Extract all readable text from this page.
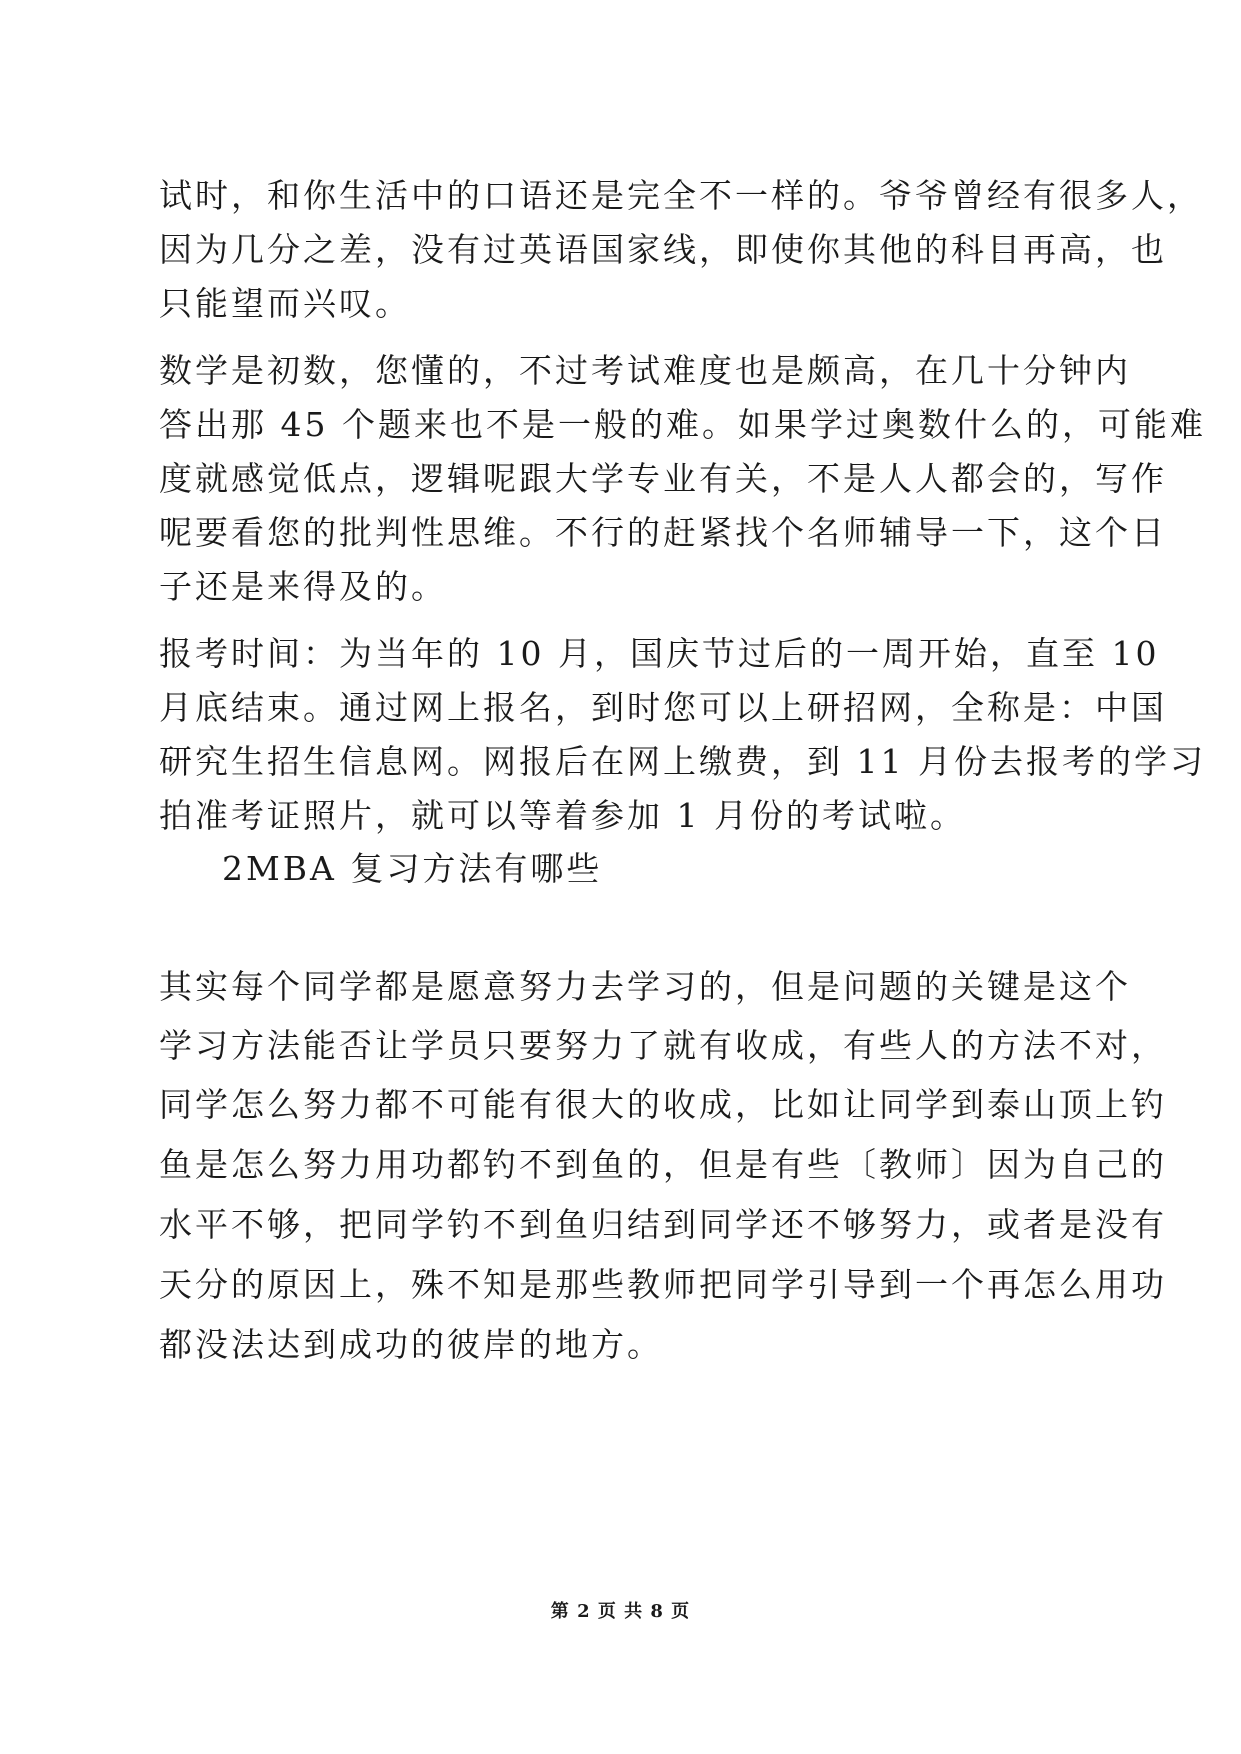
试时，和你生活中的口语还是完全不一样的。爷爷曾经有很多人，
因为几分之差，没有过英语国家线，即使你其他的科目再高，也
只能望而兴叹。
数学是初数，您懂的，不过考试难度也是颇高，在几十分钟内
答出那 45 个题来也不是一般的难。如果学过奥数什么的，可能难
度就感觉低点，逻辑呢跟大学专业有关，不是人人都会的，写作
呢要看您的批判性思维。不行的赶紧找个名师辅导一下，这个日
子还是来得及的。
报考时间：为当年的 10 月，国庆节过后的一周开始，直至 10
月底结束。通过网上报名，到时您可以上研招网，全称是：中国
研究生招生信息网。网报后在网上缴费，到 11 月份去报考的学习
拍准考证照片，就可以等着参加 1 月份的考试啦。
2MBA 复习方法有哪些
其实每个同学都是愿意努力去学习的，但是问题的关键是这个
学习方法能否让学员只要努力了就有收成，有些人的方法不对，
同学怎么努力都不可能有很大的收成，比如让同学到泰山顶上钓
鱼是怎么努力用功都钓不到鱼的，但是有些〔教师〕因为自己的
水平不够，把同学钓不到鱼归结到同学还不够努力，或者是没有
天分的原因上，殊不知是那些教师把同学引导到一个再怎么用功
都没法达到成功的彼岸的地方。
第 2 页 共 8 页
